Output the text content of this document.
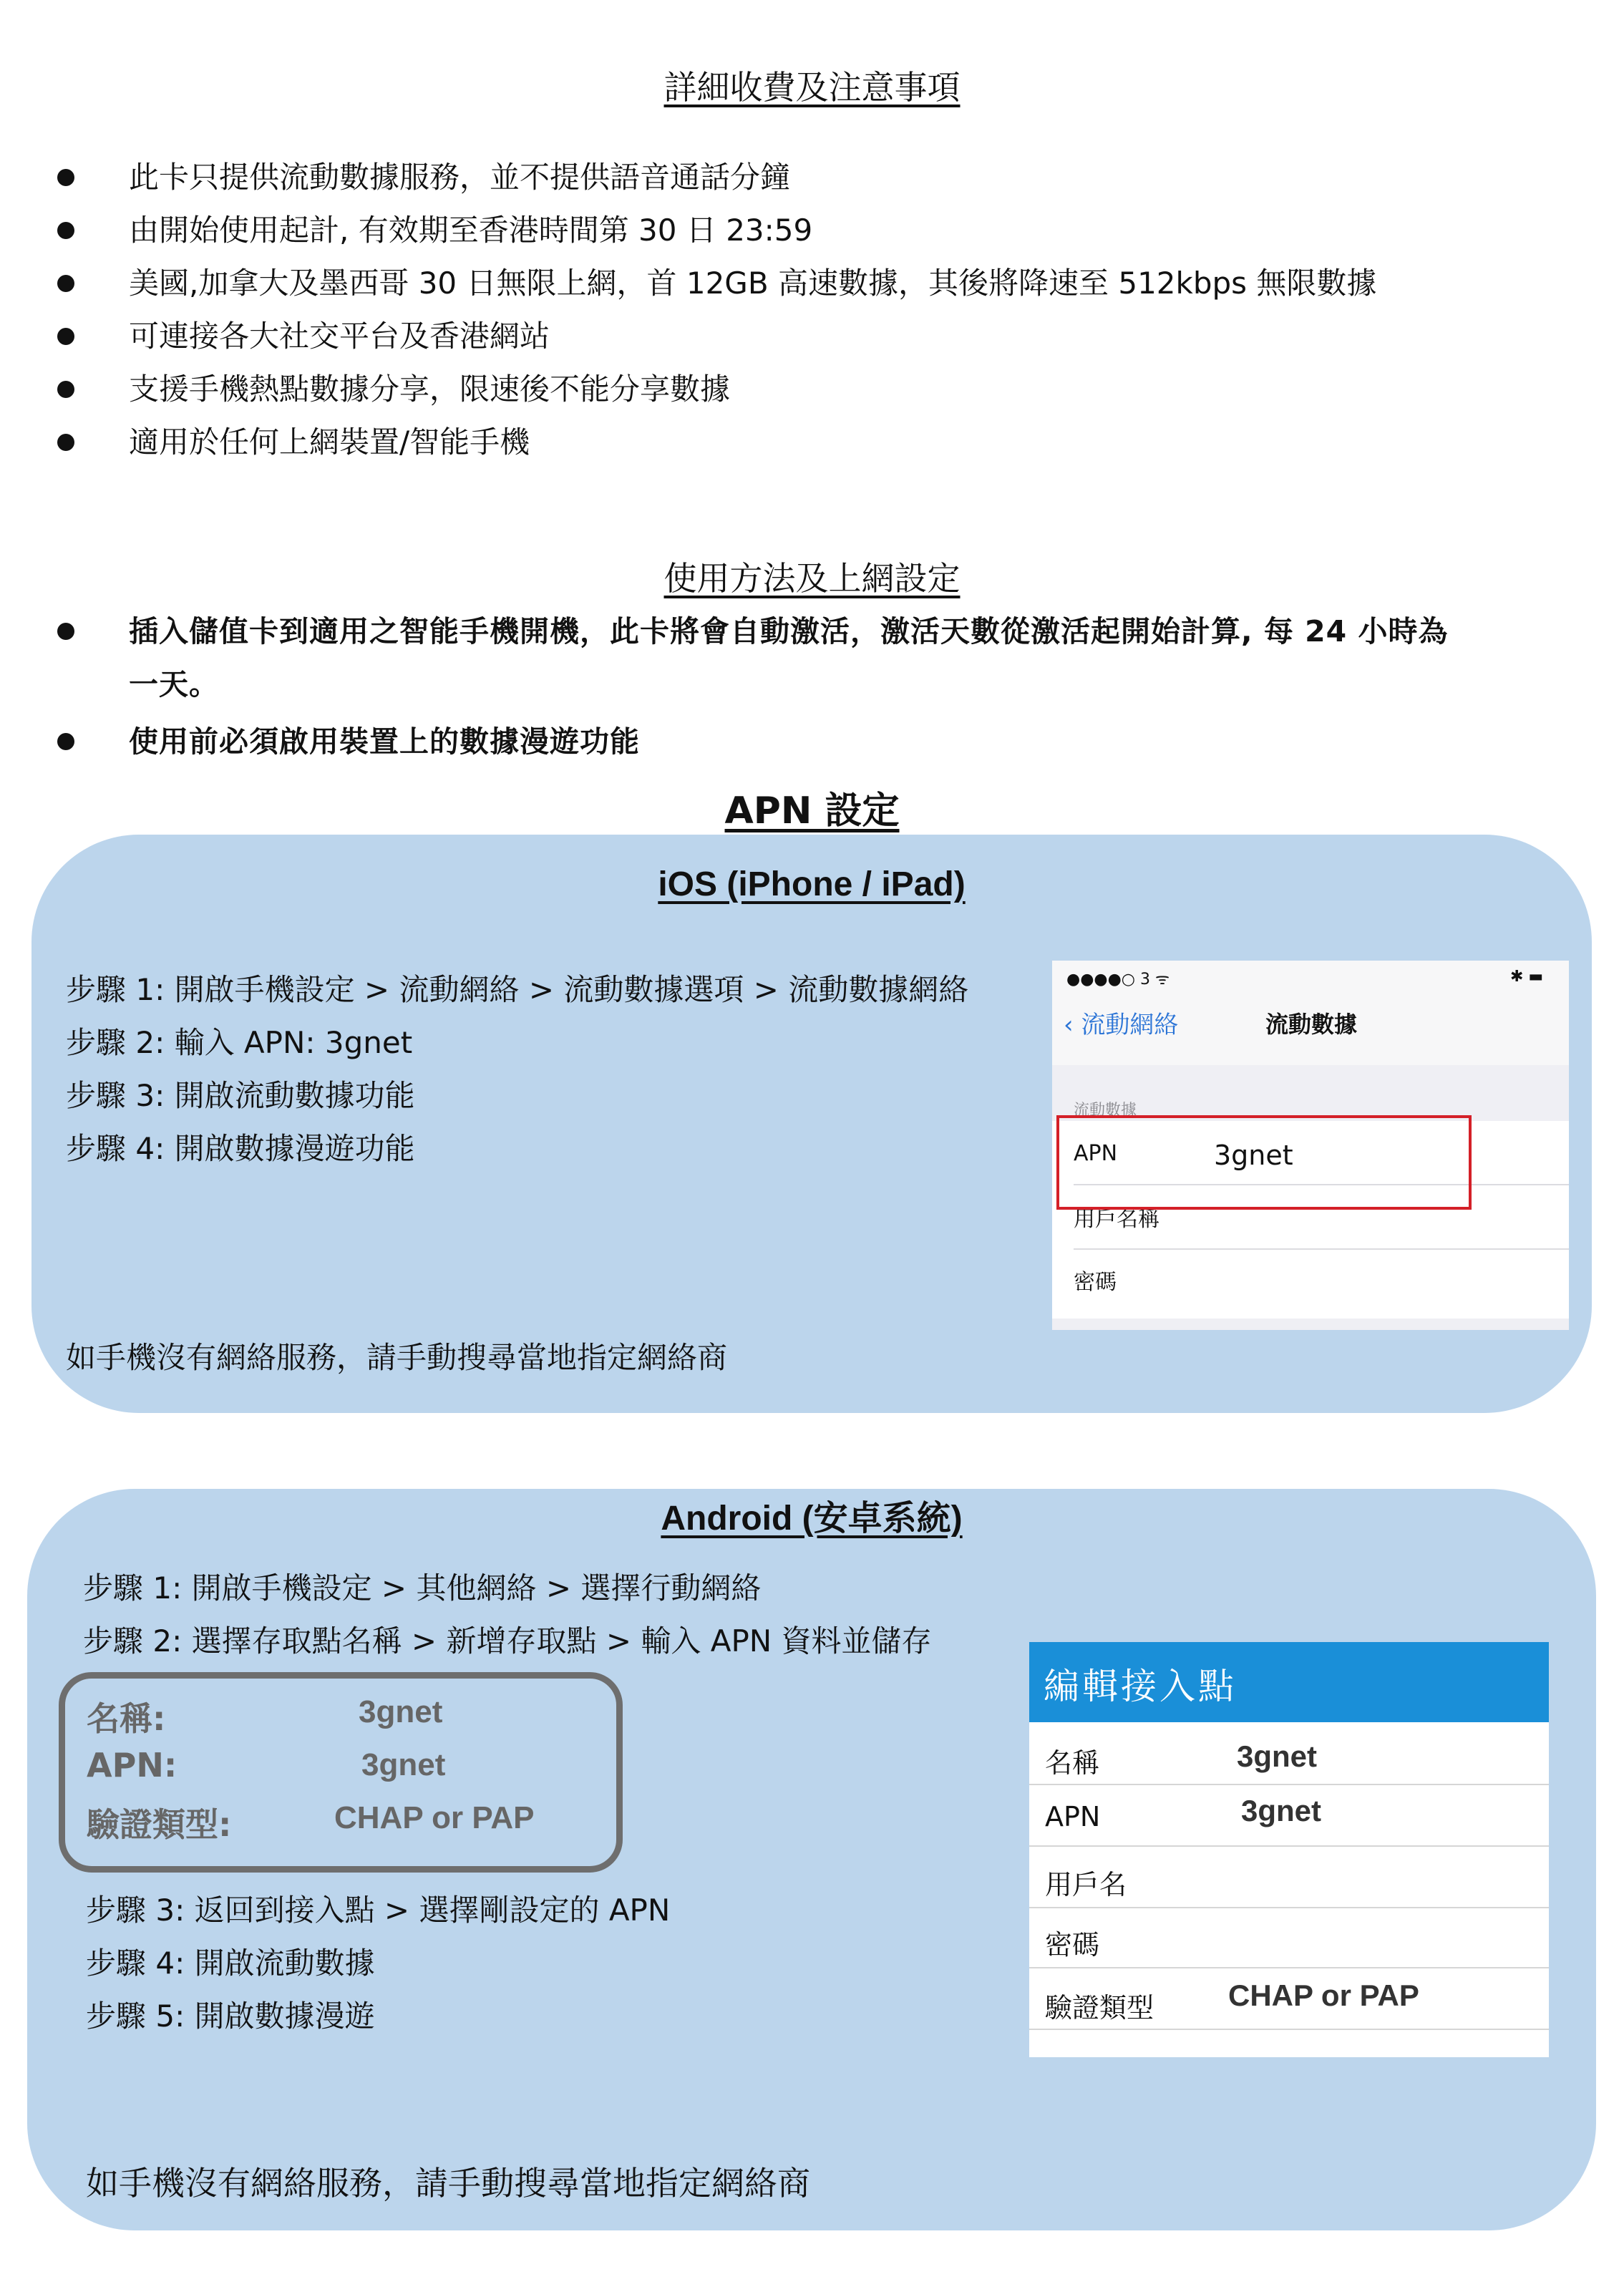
詳細收費及注意事項
此卡只提供流動數據服務，並不提供語音通話分鐘
由開始使用起計, 有效期至香港時間第 30 日 23:59
美國,加拿大及墨西哥 30 日無限上網，首 12GB 高速數據，其後將降速至 512kbps 無限數據
可連接各大社交平台及香港網站
支援手機熱點數據分享，限速後不能分享數據
適用於任何上網裝置/智能手機
使用方法及上網設定
插入儲值卡到適用之智能手機開機，此卡將會自動激活，激活天數從激活起開始計算, 每 24 小時為
一天。
使用前必須啟用裝置上的數據漫遊功能
APN 設定
iOS (iPhone / iPad)
步驟 1: 開啟手機設定 > 流動網絡 > 流動數據選項 > 流動數據網絡
步驟 2: 輸入 APN: 3gnet
步驟 3: 開啟流動數據功能
步驟 4: 開啟數據漫遊功能
如手機沒有網絡服務，請手動搜尋當地指定網絡商
●●●●○ 3 ᯤ	✱ ▬
‹ 流動網絡	流動數據
流動數據
APN	3gnet
用戶名稱
密碼
Android (安卓系統)
步驟 1: 開啟手機設定 > 其他網絡 > 選擇行動網絡
步驟 2: 選擇存取點名稱 > 新增存取點 > 輸入 APN 資料並儲存
名稱:	3gnet
APN:	3gnet
驗證類型:	CHAP or PAP
步驟 3: 返回到接入點 > 選擇剛設定的 APN
步驟 4: 開啟流動數據
步驟 5: 開啟數據漫遊
如手機沒有網絡服務，請手動搜尋當地指定網絡商
編輯接入點
名稱	3gnet
APN	3gnet
用戶名
密碼
驗證類型 CHAP or PAP
